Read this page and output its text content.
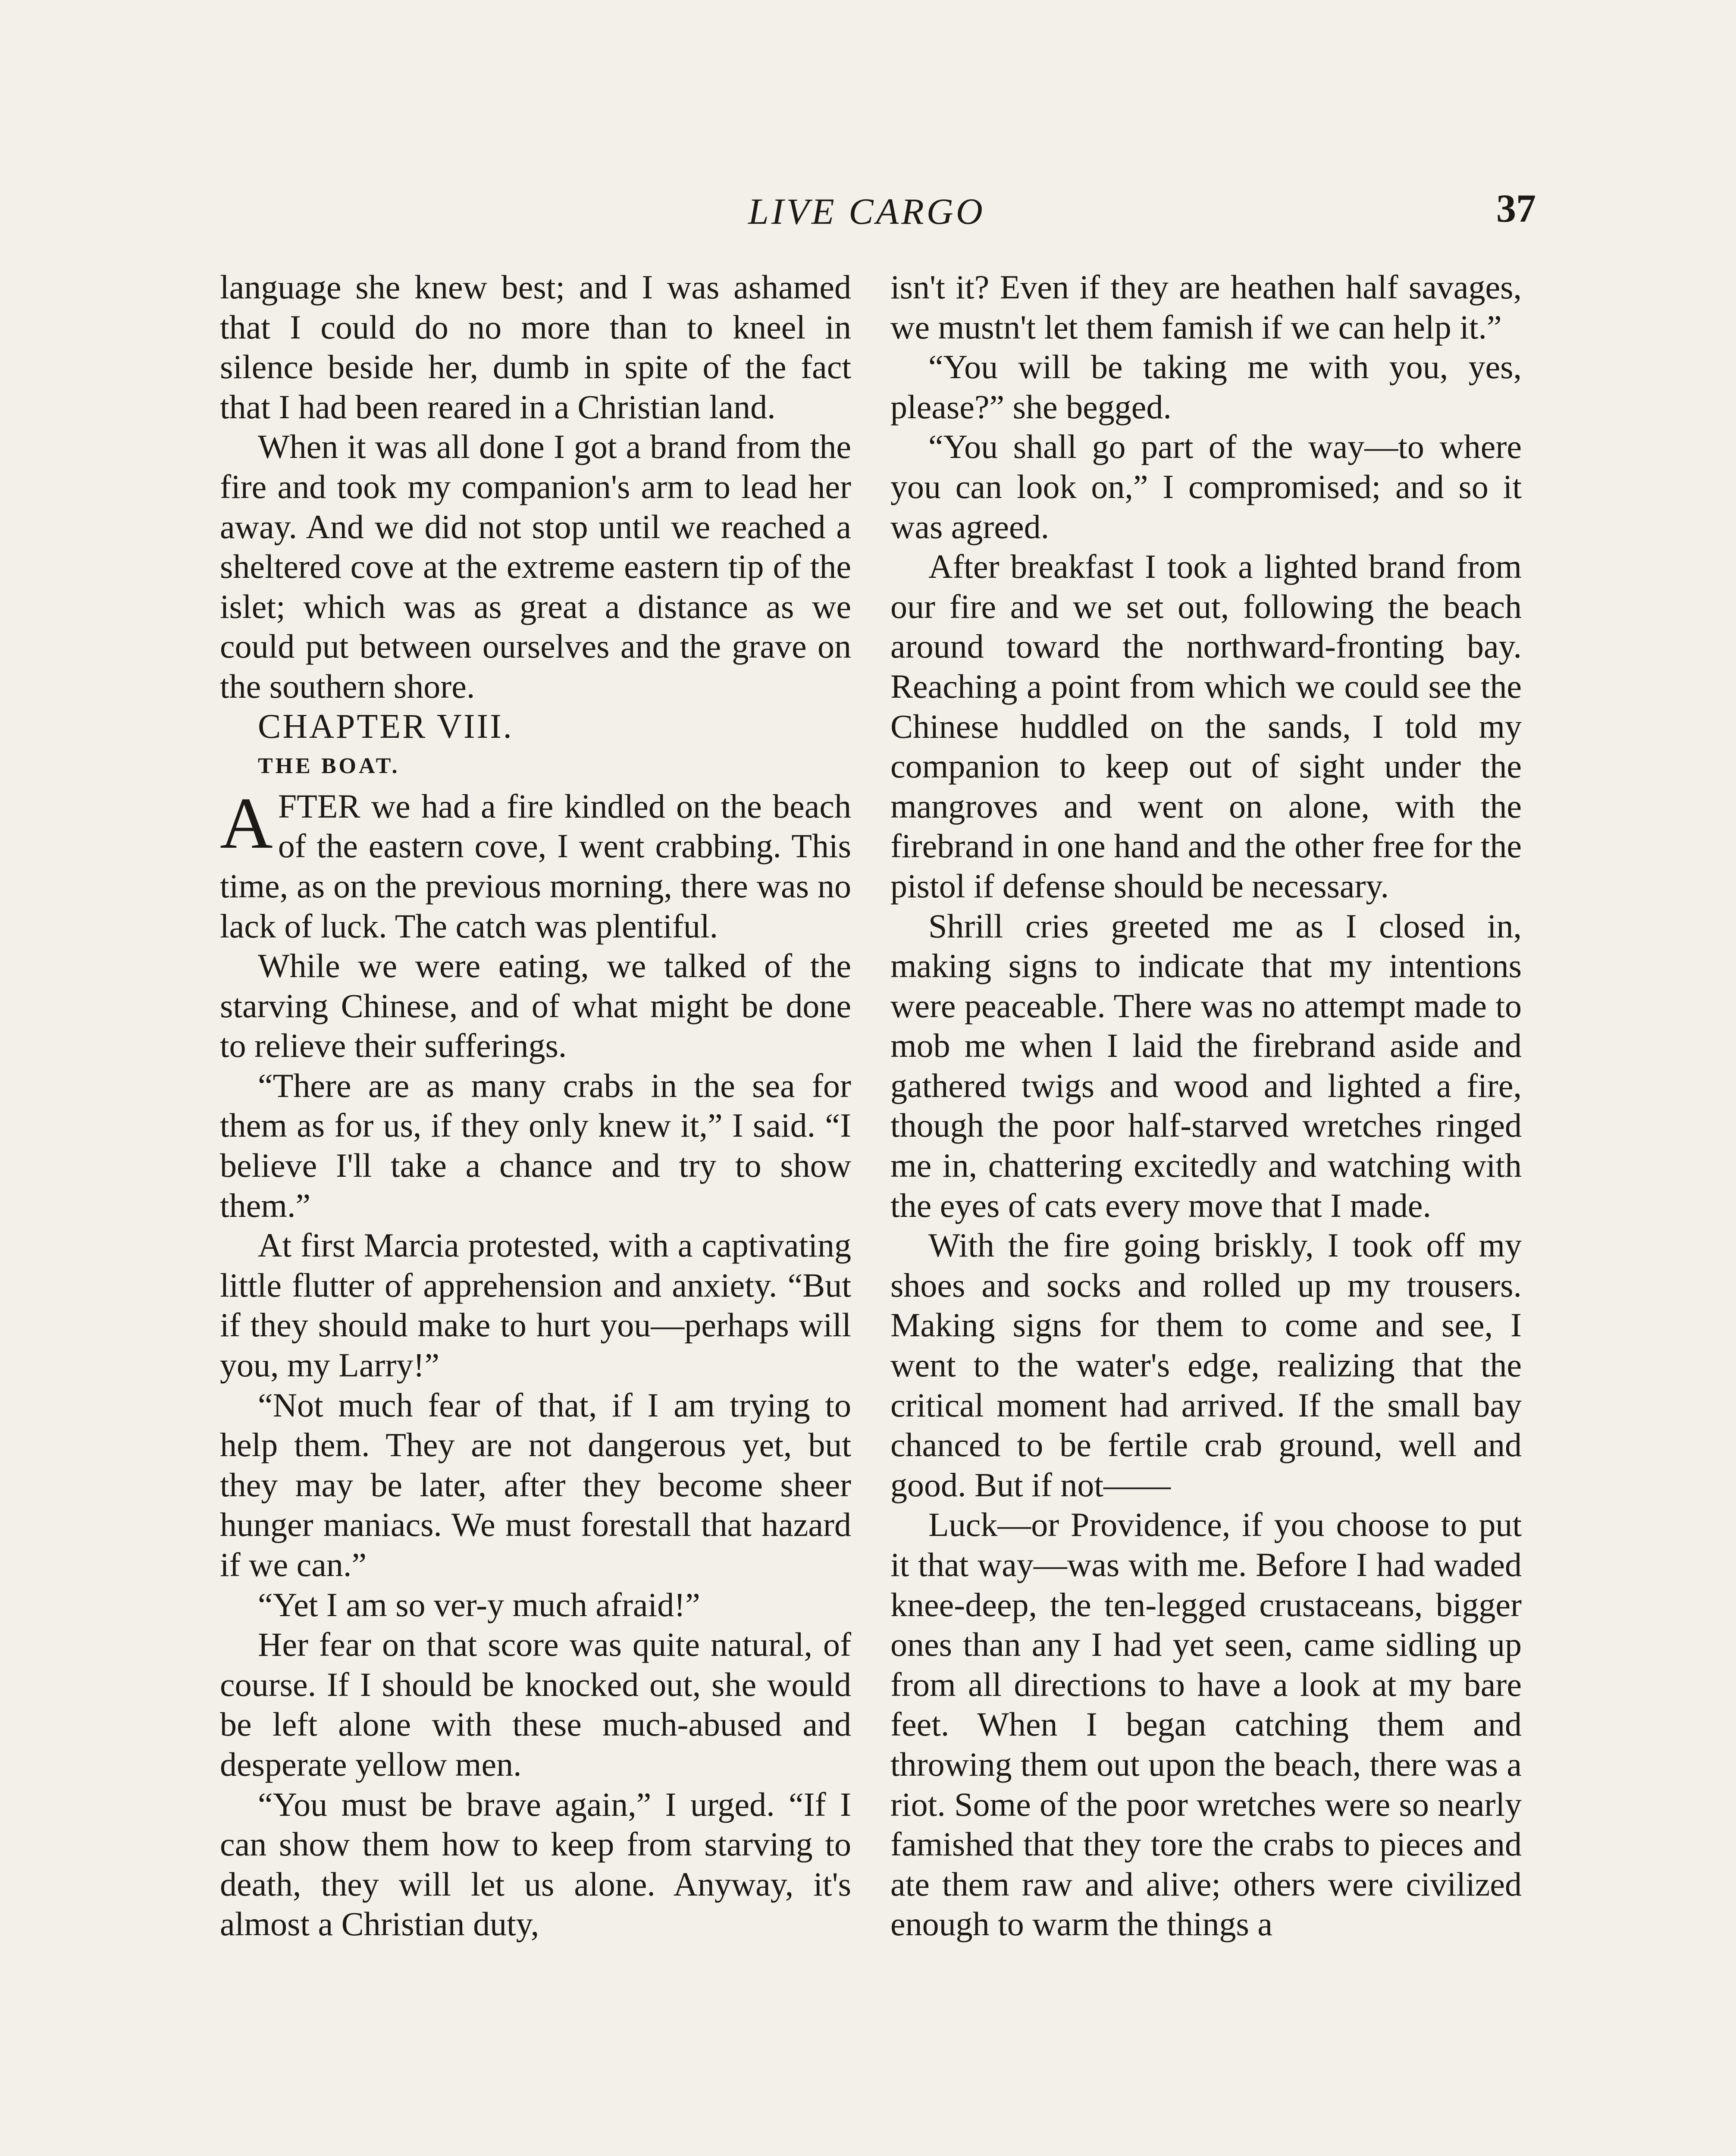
LIVE CARGO	37

language she knew best; and I was ashamed that I could do no more than to kneel in silence beside her, dumb in spite of the fact that I had been reared in a Christian land.

When it was all done I got a brand from the fire and took my companion's arm to lead her away. And we did not stop until we reached a sheltered cove at the extreme eastern tip of the islet; which was as great a distance as we could put between ourselves and the grave on the southern shore.

CHAPTER VIII.

THE BOAT.

AFTER we had a fire kindled on the beach of the eastern cove, I went crabbing. This time, as on the previous morning, there was no lack of luck. The catch was plentiful.

While we were eating, we talked of the starving Chinese, and of what might be done to relieve their sufferings.

“There are as many crabs in the sea for them as for us, if they only knew it,” I said. “I believe I'll take a chance and try to show them.”

At first Marcia protested, with a captivating little flutter of apprehension and anxiety. “But if they should make to hurt you—perhaps will you, my Larry!”

“Not much fear of that, if I am trying to help them. They are not dangerous yet, but they may be later, after they become sheer hunger maniacs. We must forestall that hazard if we can.”

“Yet I am so ver-y much afraid!”

Her fear on that score was quite natural, of course. If I should be knocked out, she would be left alone with these much-abused and desperate yellow men.

“You must be brave again,” I urged. “If I can show them how to keep from starving to death, they will let us alone. Anyway, it's almost a Christian duty,

isn't it? Even if they are heathen half savages, we mustn't let them famish if we can help it.”

“You will be taking me with you, yes, please?” she begged.

“You shall go part of the way—to where you can look on,” I compromised; and so it was agreed.

After breakfast I took a lighted brand from our fire and we set out, following the beach around toward the northward-fronting bay. Reaching a point from which we could see the Chinese huddled on the sands, I told my companion to keep out of sight under the mangroves and went on alone, with the firebrand in one hand and the other free for the pistol if defense should be necessary.

Shrill cries greeted me as I closed in, making signs to indicate that my intentions were peaceable. There was no attempt made to mob me when I laid the firebrand aside and gathered twigs and wood and lighted a fire, though the poor half-starved wretches ringed me in, chattering excitedly and watching with the eyes of cats every move that I made.

With the fire going briskly, I took off my shoes and socks and rolled up my trousers. Making signs for them to come and see, I went to the water's edge, realizing that the critical moment had arrived. If the small bay chanced to be fertile crab ground, well and good. But if not——

Luck—or Providence, if you choose to put it that way—was with me. Before I had waded knee-deep, the ten-legged crustaceans, bigger ones than any I had yet seen, came sidling up from all directions to have a look at my bare feet. When I began catching them and throwing them out upon the beach, there was a riot. Some of the poor wretches were so nearly famished that they tore the crabs to pieces and ate them raw and alive; others were civilized enough to warm the things a
